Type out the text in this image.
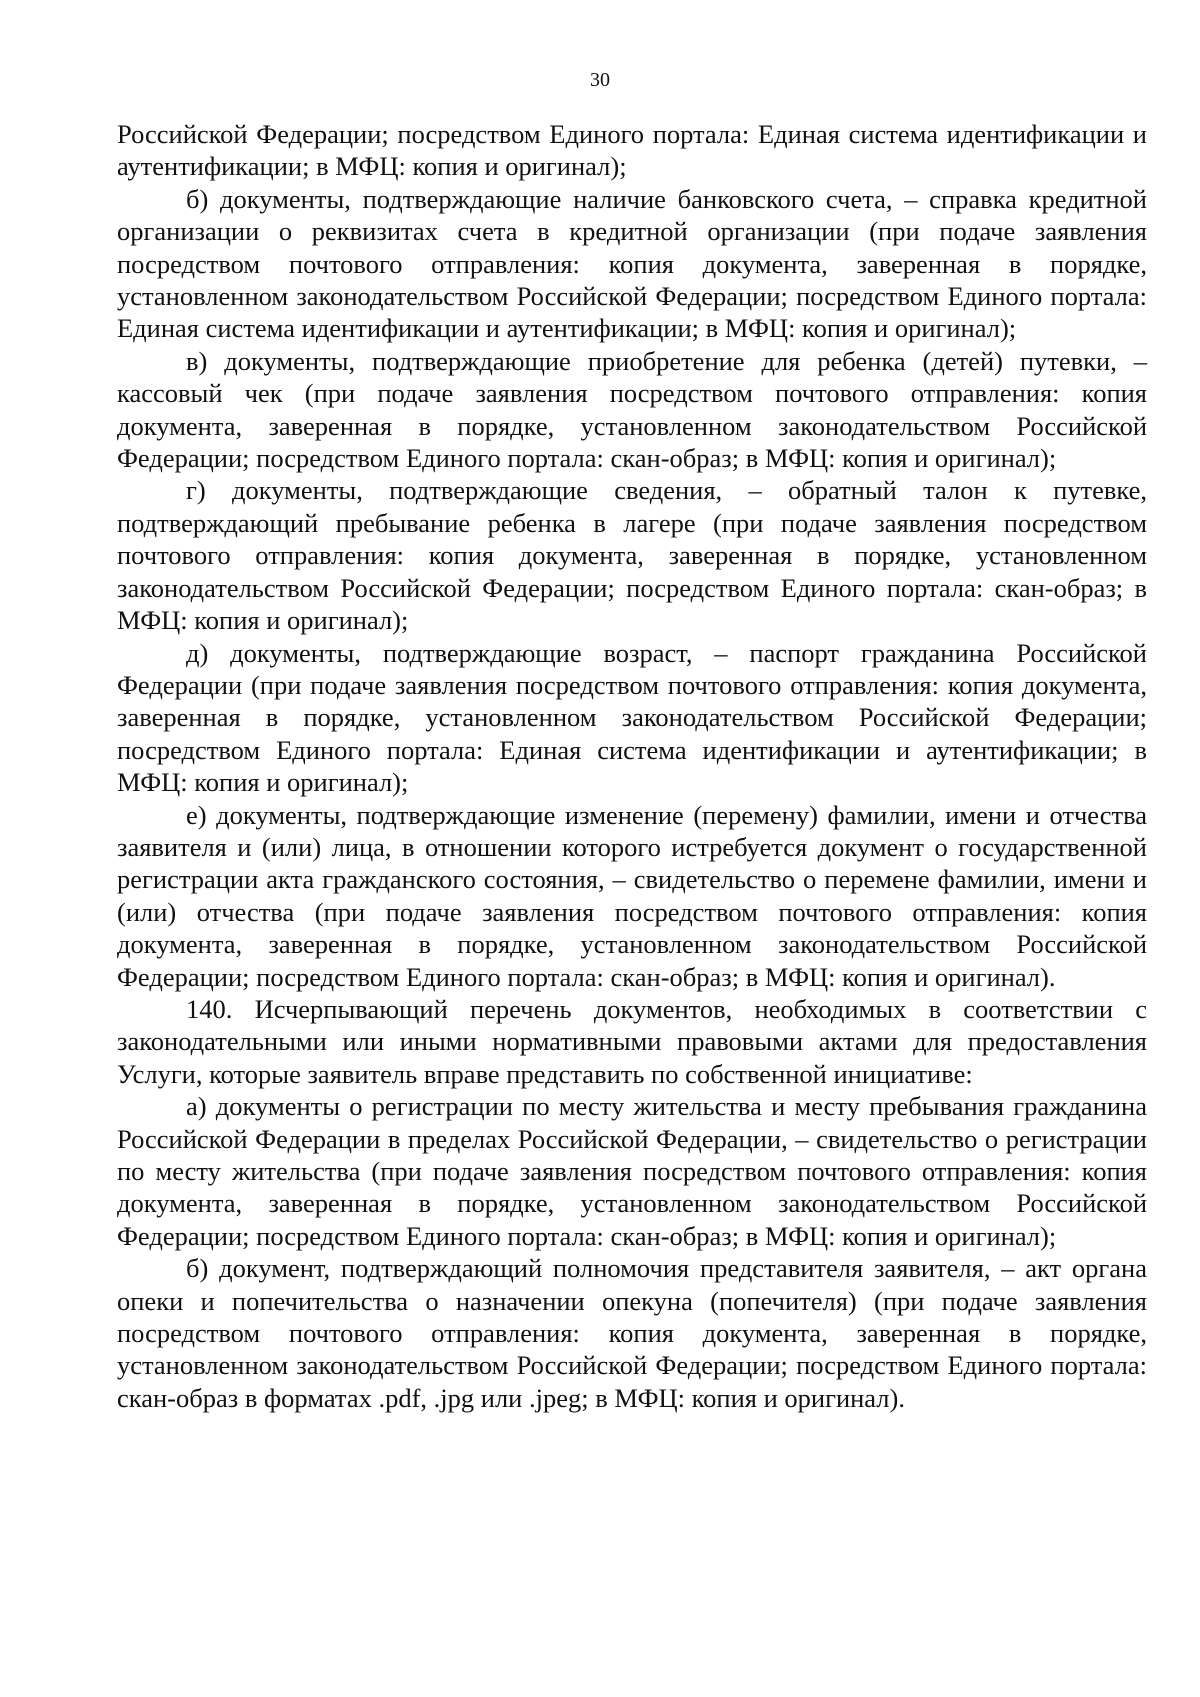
30

Российской Федерации; посредством Единого портала: Единая система идентификации и аутентификации; в МФЦ: копия и оригинал);

б) документы, подтверждающие наличие банковского счета, – справка кредитной организации о реквизитах счета в кредитной организации (при подаче заявления посредством почтового отправления: копия документа, заверенная в порядке, установленном законодательством Российской Федерации; посредством Единого портала: Единая система идентификации и аутентификации; в МФЦ: копия и оригинал);

в) документы, подтверждающие приобретение для ребенка (детей) путевки, – кассовый чек (при подаче заявления посредством почтового отправления: копия документа, заверенная в порядке, установленном законодательством Российской Федерации; посредством Единого портала: скан-образ; в МФЦ: копия и оригинал);

г) документы, подтверждающие сведения, – обратный талон к путевке, подтверждающий пребывание ребенка в лагере (при подаче заявления посредством почтового отправления: копия документа, заверенная в порядке, установленном законодательством Российской Федерации; посредством Единого портала: скан-образ; в МФЦ: копия и оригинал);

д) документы, подтверждающие возраст, – паспорт гражданина Российской Федерации (при подаче заявления посредством почтового отправления: копия документа, заверенная в порядке, установленном законодательством Российской Федерации; посредством Единого портала: Единая система идентификации и аутентификации; в МФЦ: копия и оригинал);

е) документы, подтверждающие изменение (перемену) фамилии, имени и отчества заявителя и (или) лица, в отношении которого истребуется документ о государственной регистрации акта гражданского состояния, – свидетельство о перемене фамилии, имени и (или) отчества (при подаче заявления посредством почтового отправления: копия документа, заверенная в порядке, установленном законодательством Российской Федерации; посредством Единого портала: скан-образ; в МФЦ: копия и оригинал).

140. Исчерпывающий перечень документов, необходимых в соответствии с законодательными или иными нормативными правовыми актами для предоставления Услуги, которые заявитель вправе представить по собственной инициативе:

а) документы о регистрации по месту жительства и месту пребывания гражданина Российской Федерации в пределах Российской Федерации, – свидетельство о регистрации по месту жительства (при подаче заявления посредством почтового отправления: копия документа, заверенная в порядке, установленном законодательством Российской Федерации; посредством Единого портала: скан-образ; в МФЦ: копия и оригинал);

б) документ, подтверждающий полномочия представителя заявителя, – акт органа опеки и попечительства о назначении опекуна (попечителя) (при подаче заявления посредством почтового отправления: копия документа, заверенная в порядке, установленном законодательством Российской Федерации; посредством Единого портала: скан-образ в форматах .pdf, .jpg или .jpeg; в МФЦ: копия и оригинал).
